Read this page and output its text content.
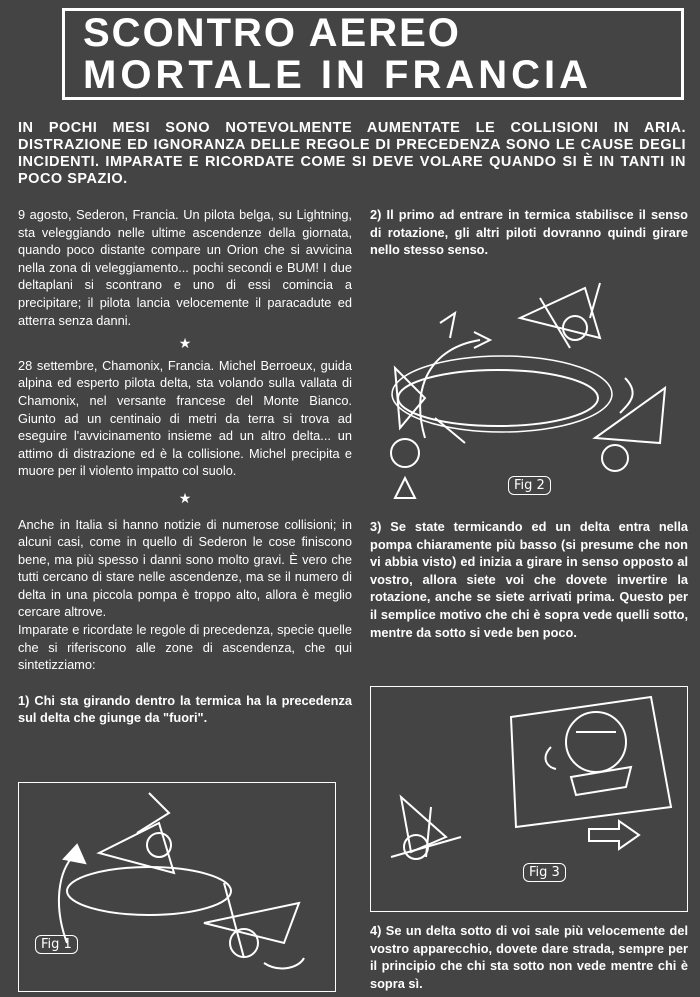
SCONTRO AEREO
MORTALE IN FRANCIA
IN POCHI MESI SONO NOTEVOLMENTE AUMENTATE LE COLLISIONI IN ARIA. DISTRAZIONE ED IGNORANZA DELLE REGOLE DI PRECEDENZA SONO LE CAUSE DEGLI INCIDENTI. IMPARATE E RICORDATE COME SI DEVE VOLARE QUANDO SI È IN TANTI IN POCO SPAZIO.

9 agosto, Sederon, Francia. Un pilota belga, su Lightning, sta veleggiando nelle ultime ascendenze della giornata, quando poco distante compare un Orion che si avvicina nella zona di veleggiamento... pochi secondi e BUM! I due deltaplani si scontrano e uno di essi comincia a precipitare; il pilota lancia velocemente il paracadute ed atterra senza danni.

★

28 settembre, Chamonix, Francia. Michel Berroeux, guida alpina ed esperto pilota delta, sta volando sulla vallata di Chamonix, nel versante francese del Monte Bianco. Giunto ad un centinaio di metri da terra si trova ad eseguire l'avvicinamento insieme ad un altro delta... un attimo di distrazione ed è la collisione. Michel precipita e muore per il violento impatto col suolo.

★

Anche in Italia si hanno notizie di numerose collisioni; in alcuni casi, come in quello di Sederon le cose finiscono bene, ma più spesso i danni sono molto gravi. È vero che tutti cercano di stare nelle ascendenze, ma se il numero di delta in una piccola pompa è troppo alto, allora è meglio cercare altrove.

Imparate e ricordate le regole di precedenza, specie quelle che si riferiscono alle zone di ascendenza, che qui sintetizziamo:

1) Chi sta girando dentro la termica ha la precedenza sul delta che giunge da "fuori".

2) Il primo ad entrare in termica stabilisce il senso di rotazione, gli altri piloti dovranno quindi girare nello stesso senso.
3) Se state termicando ed un delta entra nella pompa chiaramente più basso (si presume che non vi abbia visto) ed inizia a girare in senso opposto al vostro, allora siete voi che dovete invertire la rotazione, anche se siete arrivati prima. Questo per il semplice motivo che chi è sopra vede quelli sotto, mentre da sotto si vede ben poco.
4) Se un delta sotto di voi sale più velocemente del vostro apparecchio, dovete dare strada, sempre per il principio che chi sta sotto non vede mentre chi è sopra sì.
Fig 2
Fig 3
Fig 1
